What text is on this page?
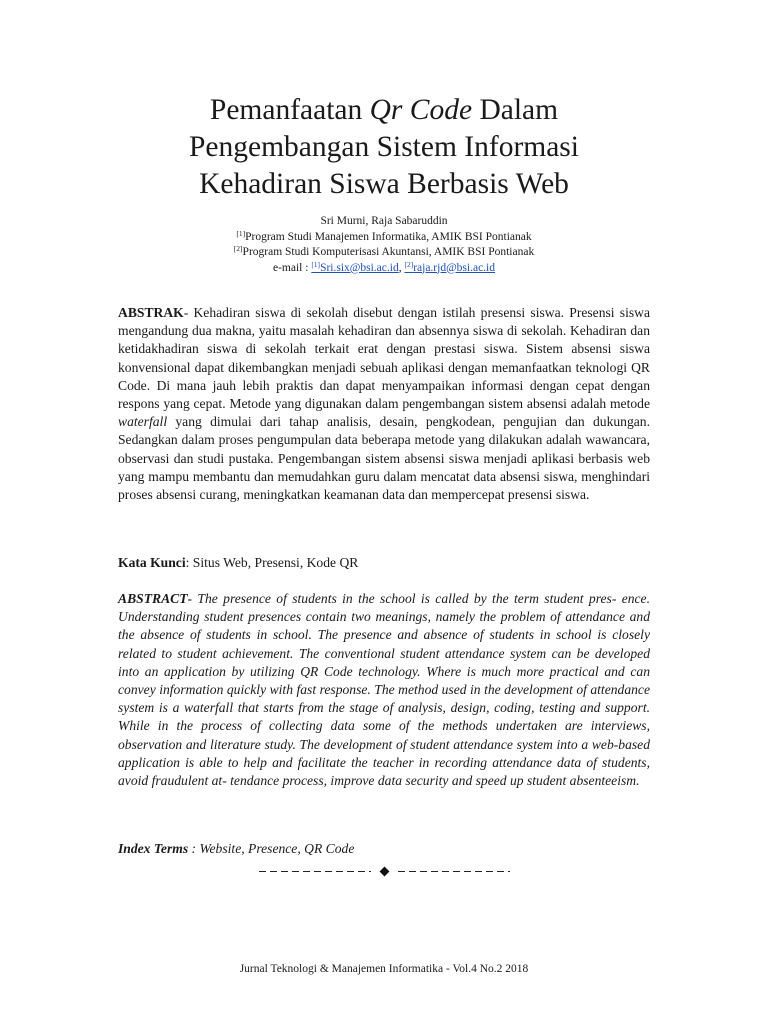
Pemanfaatan Qr Code Dalam
Pengembangan Sistem Informasi
Kehadiran Siswa Berbasis Web
Sri Murni, Raja Sabaruddin
[1]Program Studi Manajemen Informatika, AMIK BSI Pontianak
[2]Program Studi Komputerisasi Akuntansi, AMIK BSI Pontianak
e-mail : [1]Sri.six@bsi.ac.id, [2]raja.rjd@bsi.ac.id
ABSTRAK- Kehadiran siswa di sekolah disebut dengan istilah presensi siswa. Presensi siswa mengandung dua makna, yaitu masalah kehadiran dan absennya siswa di sekolah. Kehadiran dan ketidakhadiran siswa di sekolah terkait erat dengan prestasi siswa. Sistem absensi siswa konvensional dapat dikembangkan menjadi sebuah aplikasi dengan memanfaatkan teknologi QR Code. Di mana jauh lebih praktis dan dapat menyampaikan informasi dengan cepat dengan respons yang cepat. Metode yang digunakan dalam pengembangan sistem absensi adalah metode waterfall yang dimulai dari tahap analisis, desain, pengkodean, pengujian dan dukungan. Sedangkan dalam proses pengumpulan data beberapa metode yang dilakukan adalah wawancara, observasi dan studi pustaka. Pengembangan sistem absensi siswa menjadi aplikasi berbasis web yang mampu membantu dan memudahkan guru dalam mencatat data absensi siswa, menghindari proses absensi curang, meningkatkan keamanan data dan mempercepat presensi siswa.
Kata Kunci: Situs Web, Presensi, Kode QR
ABSTRACT- The presence of students in the school is called by the term student pres- ence. Understanding student presences contain two meanings, namely the problem of attendance and the absence of students in school. The presence and absence of students in school is closely related to student achievement. The conventional student attendance system can be developed into an application by utilizing QR Code technology. Where is much more practical and can convey information quickly with fast response. The method used in the development of attendance system is a waterfall that starts from the stage of analysis, design, coding, testing and support. While in the process of collecting data some of the methods undertaken are interviews, observation and literature study. The development of student attendance system into a web-based application is able to help and facilitate the teacher in recording attendance data of students, avoid fraudulent at- tendance process, improve data security and speed up student absenteeism.
Index Terms : Website, Presence, QR Code
Jurnal Teknologi & Manajemen Informatika - Vol.4 No.2 2018
